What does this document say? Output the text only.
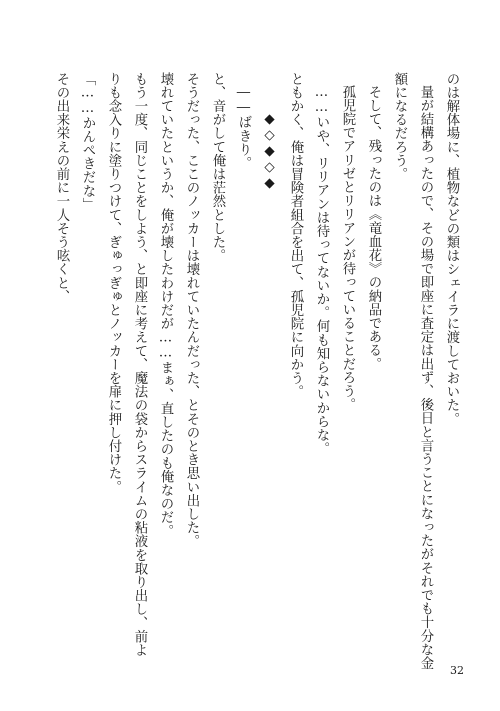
のは解体場に、植物などの類はシェイラに渡しておいた。
量が結構あったので、その場で即座に査定は出ず、後日と言うことになったがそれでも十分な金
額になるだろう。
そして、残ったのは《竜血花》の納品である。
孤児院でアリゼとリリアンが待っていることだろう。
……いや、リリアンは待ってないか。何も知らないからな。
ともかく、俺は冒険者組合を出て、孤児院に向かう。
◆◇◆◇◆
――ばきり。
と、音がして俺は茫然とした。
そうだった、ここのノッカーは壊れていたんだった、とそのとき思い出した。
壊れていたというか、俺が壊したわけだが……まぁ、直したのも俺なのだ。
もう一度、同じことをしよう、と即座に考えて、魔法の袋からスライムの粘液を取り出し、前よ
りも念入りに塗りつけて、ぎゅっぎゅとノッカーを扉に押し付けた。
「……かんぺきだな」
その出来栄えの前に一人そう呟くと、
32
